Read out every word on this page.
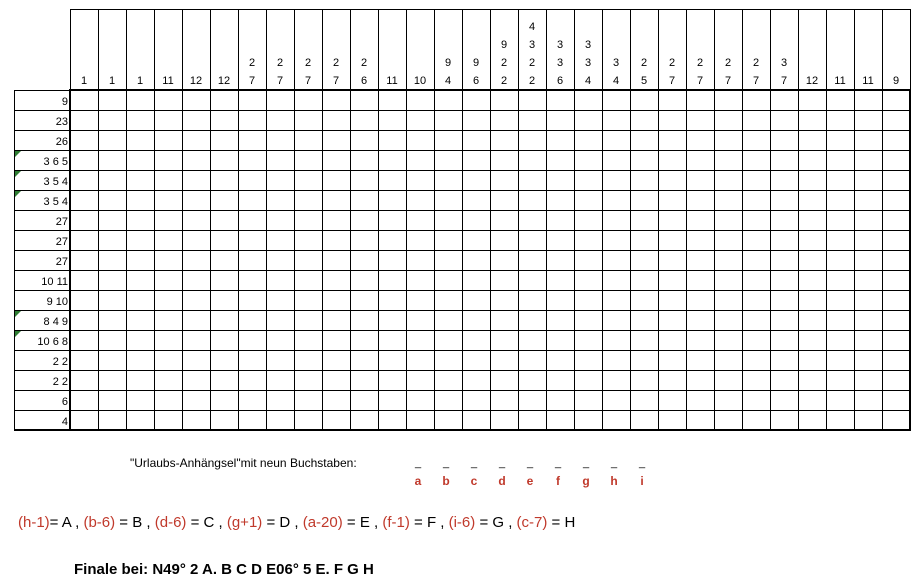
1 1 1 11 12 12
2
7
2
7
2
7
2
7
2
6 11 10
9
4
9
6
9
2
2
4
3
2
2
3
3
6
3
3
4
3
4
2
5
2
7
2
7
2
7
2
7
3
7 12 11 11 9
9
23
26
3 6 5
3 5 4
3 5 4
27
27
27
10 11
9 10
8 4 9
10 6 8
2 2
2 2
6
4
"Urlaubs-Anhängsel"mit neun Buchstaben:	_
a
_
b
_
c
_
d
_
e
_
f
_
g
_
h
_
i
(h-1)= A , (b-6) = B , (d-6) = C , (g+1) = D , (a-20) = E , (f-1) = F , (i-6) = G , (c-7) = H
Finale bei: N49° 2 A. B C D E06° 5 E. F G H
